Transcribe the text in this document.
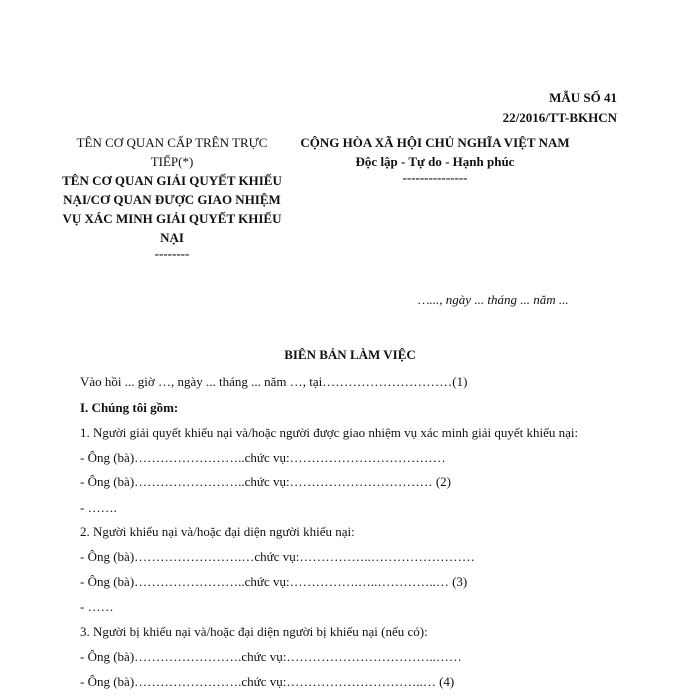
MẪU SỐ 41
22/2016/TT-BKHCN
TÊN CƠ QUAN CẤP TRÊN TRỰC TIẾP(*)
TÊN CƠ QUAN GIẢI QUYẾT KHIẾU NẠI/CƠ QUAN ĐƯỢC GIAO NHIỆM VỤ XÁC MINH GIẢI QUYẾT KHIẾU NẠI
--------
CỘNG HÒA XÃ HỘI CHỦ NGHĨA VIỆT NAM
Độc lập - Tự do - Hạnh phúc
---------------
…..., ngày ... tháng ... năm ...
BIÊN BẢN LÀM VIỆC
Vào hồi ... giờ …, ngày ... tháng ... năm …, tại…………………………(1)
I. Chúng tôi gồm:
1. Người giải quyết khiếu nại và/hoặc người được giao nhiệm vụ xác minh giải quyết khiếu nại:
- Ông (bà)……………………..chức vụ:………………………………
- Ông (bà)……………………..chức vụ:…………………………… (2)
- …….
2. Người khiếu nại và/hoặc đại diện người khiếu nại:
- Ông (bà)…………………….…chức vụ:……………..……………………
- Ông (bà)……………………..chức vụ:…………….…..…………..… (3)
- ……
3. Người bị khiếu nại và/hoặc đại diện người bị khiếu nại (nếu có):
- Ông (bà)…………………….chức vụ:……………………………..……
- Ông (bà)…………………….chức vụ:…………………………..… (4)
